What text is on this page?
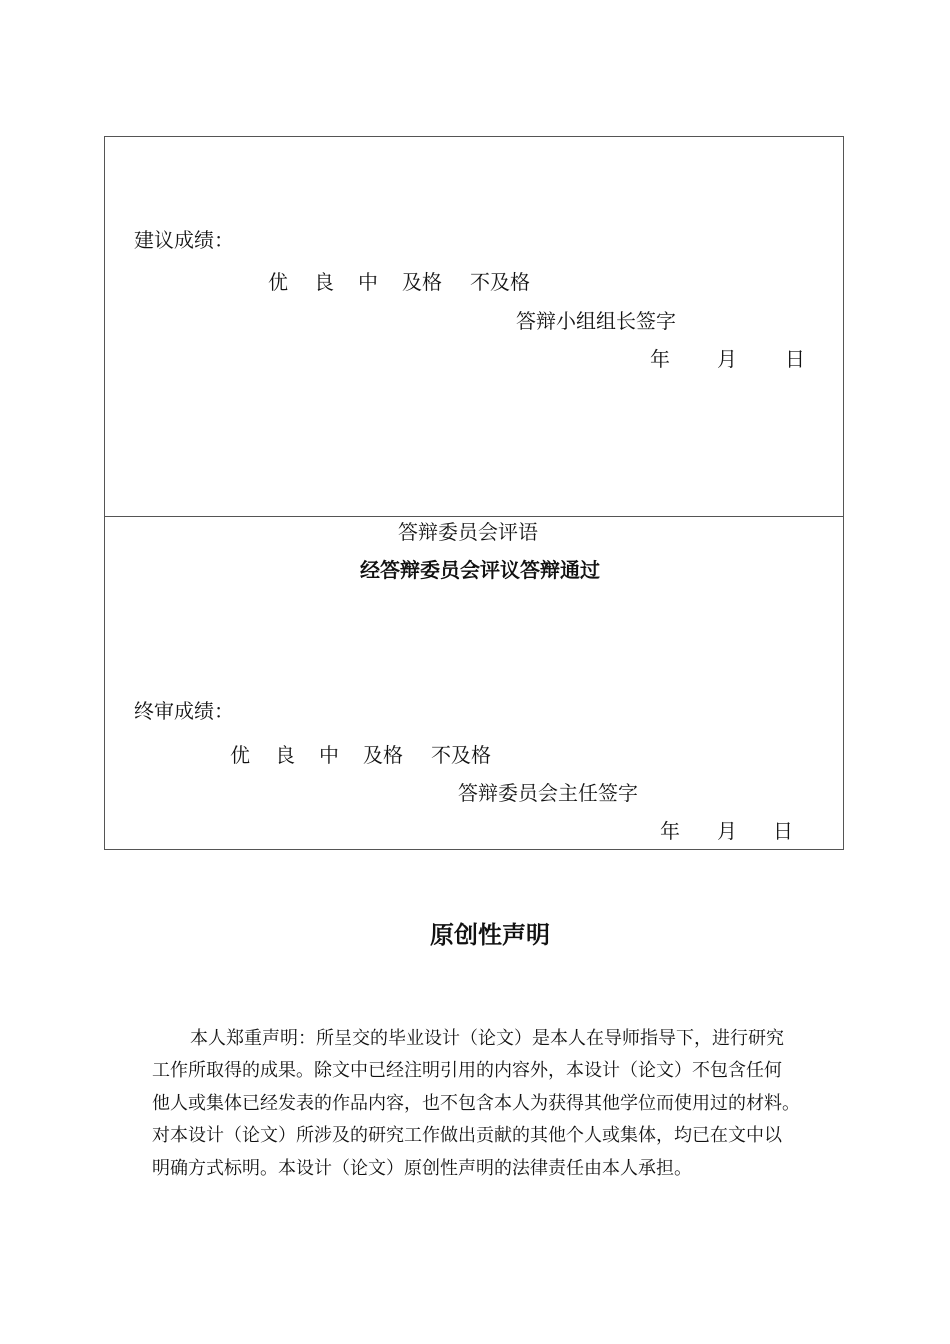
建议成绩：
优 良 中 及格 不及格
答辩小组组长签字
年 月 日
答辩委员会评语
经答辩委员会评议答辩通过
终审成绩：
优 良 中 及格 不及格
答辩委员会主任签字
年 月 日
原创性声明
本人郑重声明：所呈交的毕业设计（论文）是本人在导师指导下，进行研究
工作所取得的成果。除文中已经注明引用的内容外，本设计（论文）不包含任何
他人或集体已经发表的作品内容，也不包含本人为获得其他学位而使用过的材料。
对本设计（论文）所涉及的研究工作做出贡献的其他个人或集体，均已在文中以
明确方式标明。本设计（论文）原创性声明的法律责任由本人承担。
